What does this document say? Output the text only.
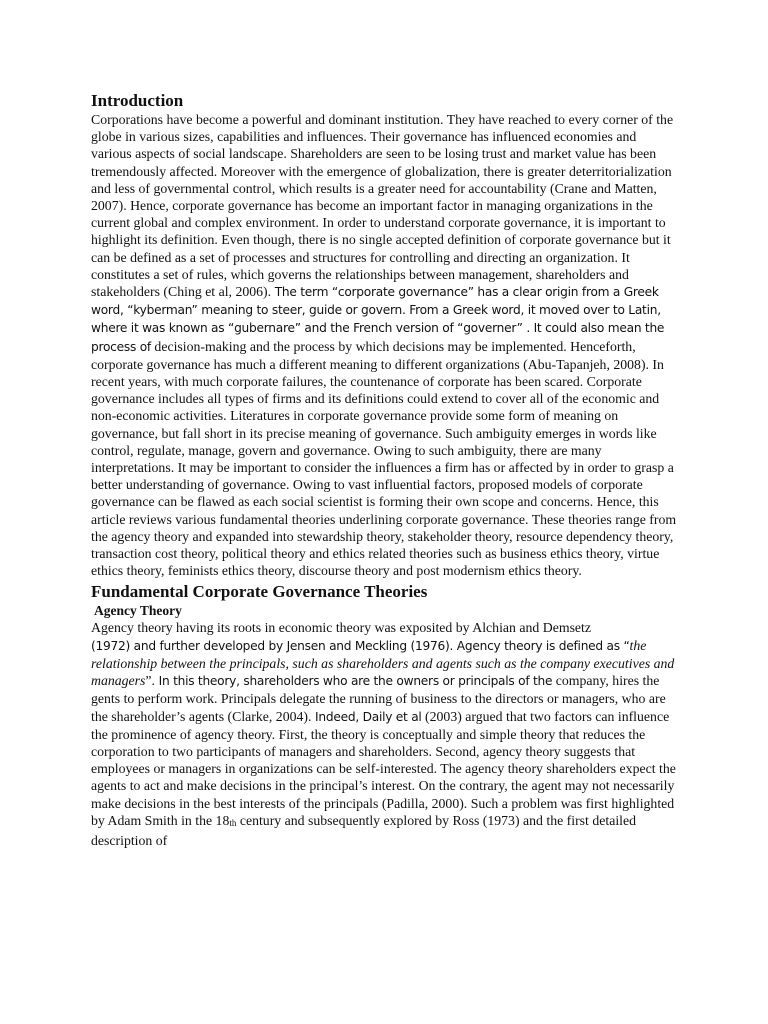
Introduction

Corporations have become a powerful and dominant institution. They have reached to every corner of the globe in various sizes, capabilities and influences. Their governance has influenced economies and various aspects of social landscape. Shareholders are seen to be losing trust and market value has been tremendously affected. Moreover with the emergence of globalization, there is greater deterritorialization and less of governmental control, which results is a greater need for accountability (Crane and Matten, 2007). Hence, corporate governance has become an important factor in managing organizations in the current global and complex environment. In order to understand corporate governance, it is important to highlight its definition. Even though, there is no single accepted definition of corporate governance but it can be defined as a set of processes and structures for controlling and directing an organization. It constitutes a set of rules, which governs the relationships between management, shareholders and stakeholders (Ching et al, 2006). The term “corporate governance” has a clear origin from a Greek word, “kyberman” meaning to steer, guide or govern. From a Greek word, it moved over to Latin, where it was known as “gubernare” and the French version of “governer” . It could also mean the process of decision-making and the process by which decisions may be implemented. Henceforth, corporate governance has much a different meaning to different organizations (Abu-Tapanjeh, 2008). In recent years, with much corporate failures, the countenance of corporate has been scared. Corporate governance includes all types of firms and its definitions could extend to cover all of the economic and non-economic activities. Literatures in corporate governance provide some form of meaning on governance, but fall short in its precise meaning of governance. Such ambiguity emerges in words like control, regulate, manage, govern and governance. Owing to such ambiguity, there are many interpretations. It may be important to consider the influences a firm has or affected by in order to grasp a better understanding of governance. Owing to vast influential factors, proposed models of corporate governance can be flawed as each social scientist is forming their own scope and concerns. Hence, this article reviews various fundamental theories underlining corporate governance. These theories range from the agency theory and expanded into stewardship theory, stakeholder theory, resource dependency theory, transaction cost theory, political theory and ethics related theories such as business ethics theory, virtue ethics theory, feminists ethics theory, discourse theory and post modernism ethics theory.

Fundamental Corporate Governance Theories
Agency Theory

Agency theory having its roots in economic theory was exposited by Alchian and Demsetz
(1972) and further developed by Jensen and Meckling (1976). Agency theory is defined as “the relationship between the principals, such as shareholders and agents such as the company executives and managers”. In this theory, shareholders who are the owners or principals of the company, hires the gents to perform work. Principals delegate the running of business to the directors or managers, who are the shareholder’s agents (Clarke, 2004). Indeed, Daily et al (2003) argued that two factors can influence the prominence of agency theory. First, the theory is conceptually and simple theory that reduces the corporation to two participants of managers and shareholders. Second, agency theory suggests that employees or managers in organizations can be self-interested. The agency theory shareholders expect the agents to act and make decisions in the principal’s interest. On the contrary, the agent may not necessarily make decisions in the best interests of the principals (Padilla, 2000). Such a problem was first highlighted by Adam Smith in the $18_{th}$ century and subsequently explored by Ross (1973) and the first detailed description of
